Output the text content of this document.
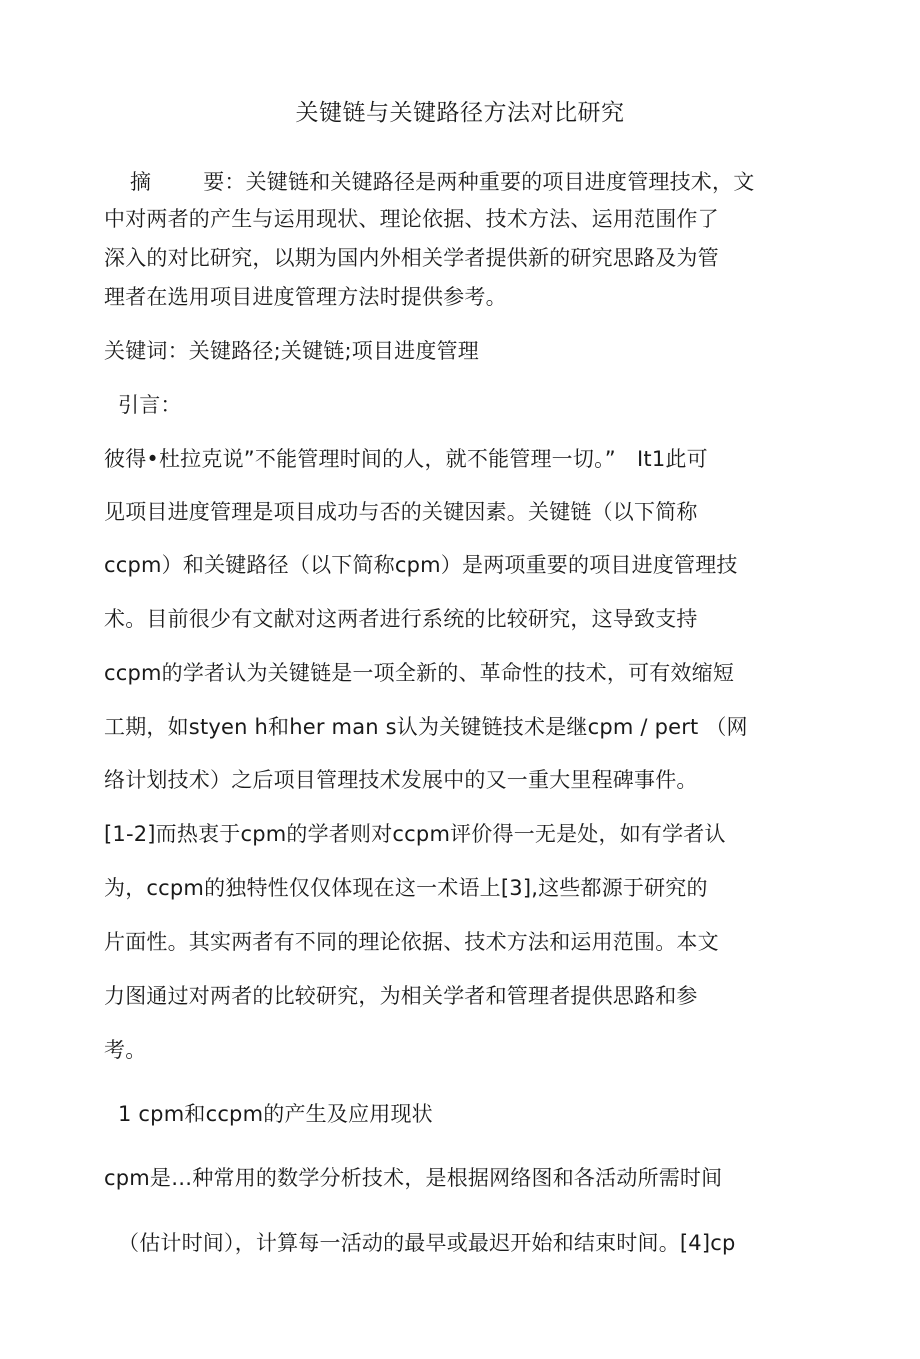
关键链与关键路径方法对比研究
摘 要：关键链和关键路径是两种重要的项目进度管理技术，文
中对两者的产生与运用现状、理论依据、技术方法、运用范围作了
深入的对比研究，以期为国内外相关学者提供新的研究思路及为管
理者在选用项目进度管理方法时提供参考。
关键词：关键路径;关键链;项目进度管理
引言：
彼得•杜拉克说”不能管理时间的人，就不能管理一切。”　It1此可
见项目进度管理是项目成功与否的关键因素。关键链（以下简称
ccpm）和关键路径（以下简称cpm）是两项重要的项目进度管理技
术。目前很少有文献对这两者进行系统的比较研究，这导致支持
ccpm的学者认为关键链是一项全新的、革命性的技术，可有效缩短
工期，如styen h和her man s认为关键链技术是继cpm / pert （网
络计划技术）之后项目管理技术发展中的又一重大里程碑事件。
[1-2]而热衷于cpm的学者则对ccpm评价得一无是处，如有学者认
为，ccpm的独特性仅仅体现在这一术语上[3],这些都源于研究的
片面性。其实两者有不同的理论依据、技术方法和运用范围。本文
力图通过对两者的比较研究，为相关学者和管理者提供思路和参
考。
1 cpm和ccpm的产生及应用现状
cpm是…种常用的数学分析技术，是根据网络图和各活动所需时间
（估计时间），计算每一活动的最早或最迟开始和结束时间。[4]cp
